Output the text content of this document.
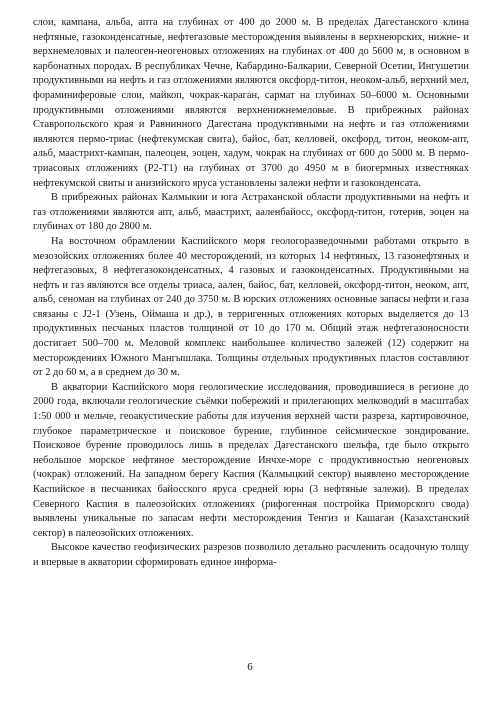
слои, кампана, альба, апта на глубинах от 400 до 2000 м. В пределах Дагестанского клина нефтяные, газоконденсатные, нефтегазовые месторождения выявлены в верхнеюрских, нижне- и верхнемеловых и палеоген-неогеновых отложениях на глубинах от 400 до 5600 м, в основном в карбонатных породах. В республиках Чечне, Кабардино-Балкарии, Северной Осетии, Ингушетии продуктивными на нефть и газ отложениями являются оксфорд-титон, неоком-альб, верхний мел, фораминиферовые слои, майкоп, чокрак-караган, сармат на глубинах 50–6000 м. Основными продуктивными отложениями являются верхненижнемеловые. В прибрежных районах Ставропольского края и Равнинного Дагестана продуктивными на нефть и газ отложениями являются пермо-триас (нефтекумская свита), байос, бат, келловей, оксфорд, титон, неоком-апт, альб, маастрихт-кампан, палеоцен, эоцен, хадум, чокрак на глубинах от 600 до 5000 м. В пермо-триасовых отложениях (P2-T1) на глубинах от 3700 до 4950 м в биогермных известняках нефтекумской свиты и анизийского яруса установлены залежи нефти и газоконденсата.

В прибрежных районах Калмыкии и юга Астраханской области продуктивными на нефть и газ отложениями являются апт, альб, маастрихт, ааленбайосс, оксфорд-титон, готерив, эоцен на глубинах от 180 до 2800 м.

На восточном обрамлении Каспийского моря геологоразведочными работами открыто в мезозойских отложениях более 40 месторождений, из которых 14 нефтяных, 13 газонефтяных и нефтегазовых, 8 нефтегазоконденсатных, 4 газовых и газоконденсатных. Продуктивными на нефть и газ являются все отделы триаса, аален, байос, бат, келловей, оксфорд-титон, неоком, апт, альб, сеноман на глубинах от 240 до 3750 м. В юрских отложениях основные запасы нефти и газа связаны с J2-1 (Узень, Оймаша и др.), в терригенных отложениях которых выделяется до 13 продуктивных песчаных пластов толщиной от 10 до 170 м. Общий этаж нефтегазоносности достигает 500–700 м. Меловой комплекс наибольшее количество залежей (12) содержит на месторождениях Южного Мангышлака. Толщины отдельных продуктивных пластов составляют от 2 до 60 м, а в среднем до 30 м.

В акватории Каспийского моря геологические исследования, проводившиеся в регионе до 2000 года, включали геологические съёмки побережий и прилегающих мелководий в масштабах 1:50 000 и мельче, геоакустические работы для изучения верхней части разреза, картировочное, глубокое параметрическое и поисковое бурение, глубинное сейсмическое зондирование. Поисковое бурение проводилось лишь в пределах Дагестанского шельфа, где было открыто небольшое морское нефтяное месторождение Инчхе-море с продуктивностью неогеновых (чокрак) отложений. На западном берегу Каспия (Калмыцкий сектор) выявлено месторождение Каспийское в песчаниках байосского яруса средней юры (3 нефтяные залежи). В пределах Северного Каспия в палеозойских отложениях (рифогенная постройка Приморского свода) выявлены уникальные по запасам нефти месторождения Тенгиз и Кашаган (Казахстанский сектор) в палеозойских отложениях.

Высокое качество геофизических разрезов позволило детально расчленить осадочную толщу и впервые в акватории сформировать единое информа-

6
